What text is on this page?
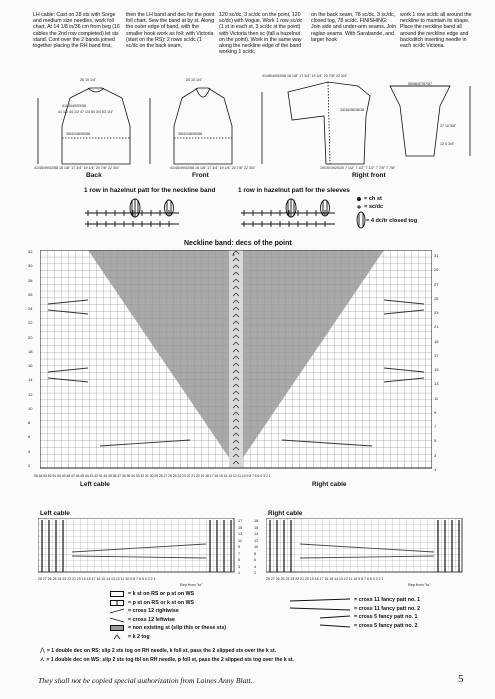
LH cable: Cast on 28 sts with Sorge and medium size needles, work foll chart. At 14 1/8 in/36 cm from beg (16 cables the 2nd row completed) let sts stand. Cont over the 2 bands joined together placing the RH band first,
then the LH band and dec for the point foll chart. Sew the band at by st. Along the outer edge of band, with the smaller hook work as foll: with Victoria (start on the RS): 2 rows sc/dc (1 sc/dc on the back seam,
120 sc/dc, 3 sc/dc on the point, 120 sc/dc) with Vogue. Work 1 row sc/dc (1 st in each st, 3 sc/dc st the point) with Victoria then sc (fall a hazelnut on the point). Work in the same way along the neckline edge of the band working 1 sc/dc
on the back seam, 78 sc/dc, 3 sc/dc, closed tog, 78 sc/dc. FINISHING: Join side and under-arm seams. Join raglan seams. With Sarabande, and larger hook
work 1 row sc/dc all around the neckline to maintain its shape. Place the neckline band all around the neckline edge and backstitch inserting needle in each sc/dc Victoria.
26 10 1/4"
41/45/49/53/58
41 1/2 44 1/2 47 1/4 50 3/4 53 1/4"
38/42/46/50/56
41/45/49/53/58 16 1/8" 17 3/4" 19 1/4" 20 7/8" 22 3/4"
Back
26 10 1/4"
38/42/46/50/56
41/45/49/53/58 16 1/8" 17 3/4" 19 1/4" 20 7/8" 22 3/4"
Front
41/45/49/53/58 16 1/8" 17 3/4" 19 1/4" 20 7/8" 22 3/4"
34/34/38/38/38
19/19/19/20/20 7 1/2" 7 1/2" 7 1/2" 7 7/8" 7 7/8"
55/56/57/57/57
27 10 5/8"
12 4 3/4"
Right front
1 row in hazelnut patt for the neckline band	1 row in hazelnut patt for the sleeves
= ch st
= sc/dc
= 4 dc/tr closed tog
Neckline band: decs of the point
⩚
32
30
28
26
24
22
20
18
16
14
12
10
8
6
4
2
31
29
27
25
23
21
19
17
15
13
11
9
7
5
3
1
55 54 53 52 51 50 49 48 47 46 45 44 43 42 41 40 39 38 37 36 35 34 33 32 31 30 29 28 27 26 25 24 23 22 21 20 19 18 17 16 15 14 13 12 11 10 9 8 7 6 5 4 3 2 1
Left cable	Right cable
Left cable	Right cable
17
15
13
11
9
7
5
3
1
18
16
14
12
10
8
6
4
2
28 27 26 25 24 23 22 21 20 19 18 17 16 15 14 13 12 11 10 9 8 7 6 5 4 3 2 1	28 27 26 25 24 23 22 21 20 19 18 17 16 15 14 13 12 11 10 9 8 7 6 5 4 3 2 1
Rep from "to"	Rep from "to"
= k st on RS or p st on WS
= p st on RS or k st on WS
= cross 12 rightwise
= cross 12 leftwise
= non existing st (slip this or these sts)
= k 2 tog
= cross 11 fancy patt no. 1
= cross 11 fancy patt no. 2
= cross 5 fancy patt no. 1
= cross 5 fancy patt no. 2
⋀ = 1 double dec on RS: slip 2 sts tog on RH needle, k foll st, pass the 2 slipped sts over the k st.
⋏ = 1 double dec on WS: slip 2 sts tog tbl on RH needle, p foll st, pass the 2 slipped sts tog over the k st.
They shall not be copied special authorization from Laines Anny Blatt.	5
